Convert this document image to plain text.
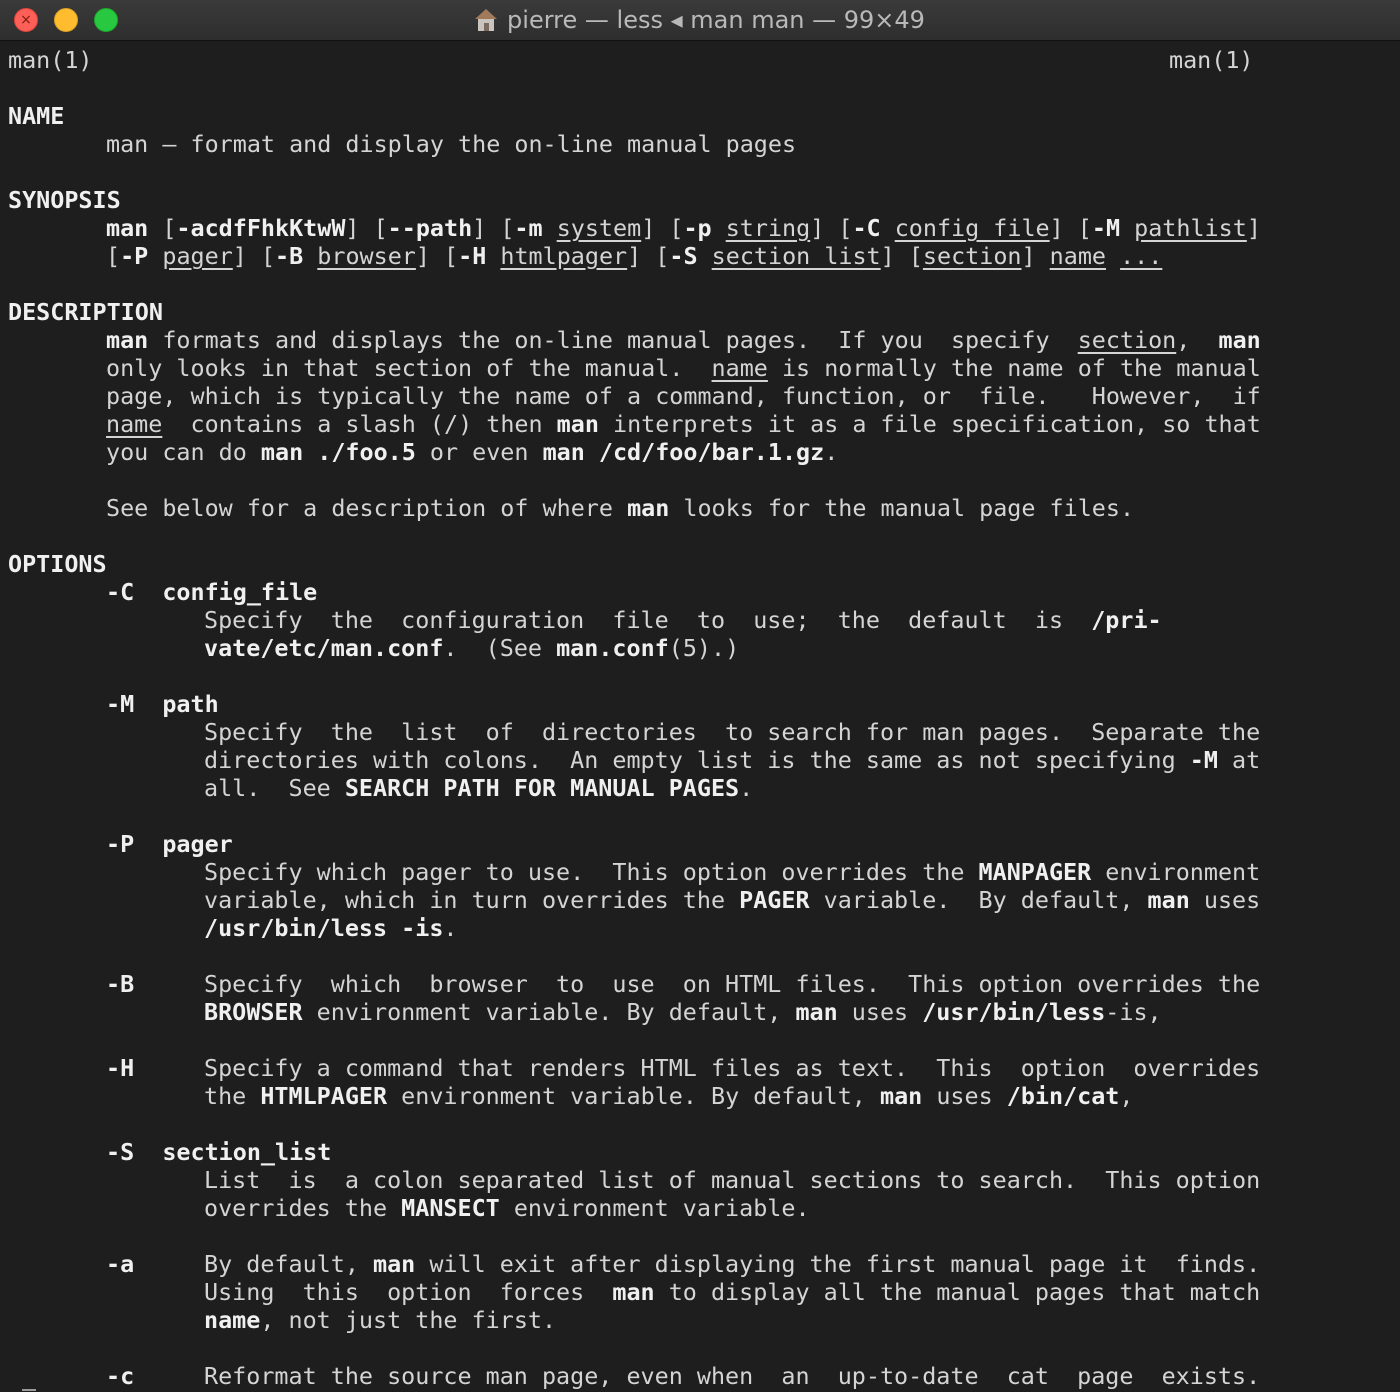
×	pierre — less ◂ man man — 99×49
man(1)	man(1)
NAME
man – format and display the on-line manual pages
SYNOPSIS
man [-acdfFhkKtwW] [--path] [-m system] [-p string] [-C config_file] [-M pathlist]
[-P pager] [-B browser] [-H htmlpager] [-S section_list] [section] name ...
DESCRIPTION
man formats and displays the on-line manual pages.  If you  specify  section,  man
only looks in that section of the manual.  name is normally the name of the manual
page, which is typically the name of a command, function, or  file.   However,  if
name  contains a slash (/) then man interprets it as a file specification, so that
you can do man ./foo.5 or even man /cd/foo/bar.1.gz.
See below for a description of where man looks for the manual page files.
OPTIONS
-C config_file
Specify  the  configuration  file  to  use;  the  default  is  /pri-
vate/etc/man.conf.  (See man.conf(5).)
-M path
Specify  the  list  of  directories  to search for man pages.  Separate the
directories with colons.  An empty list is the same as not specifying -M at
all.  See SEARCH PATH FOR MANUAL PAGES.
-P pager
Specify which pager to use.  This option overrides the MANPAGER environment
variable, which in turn overrides the PAGER variable.  By default, man uses
/usr/bin/less -is.
-B	Specify  which  browser  to  use  on HTML files.  This option overrides the
BROWSER environment variable. By default, man uses /usr/bin/less-is,
-H	Specify a command that renders HTML files as text.  This  option  overrides
the HTMLPAGER environment variable. By default, man uses /bin/cat,
-S section_list
List  is  a colon separated list of manual sections to search.  This option
overrides the MANSECT environment variable.
-a	By default, man will exit after displaying the first manual page it  finds.
Using  this  option  forces  man to display all the manual pages that match
name, not just the first.
-c	Reformat the source man page, even when  an  up-to-date  cat  page  exists.
